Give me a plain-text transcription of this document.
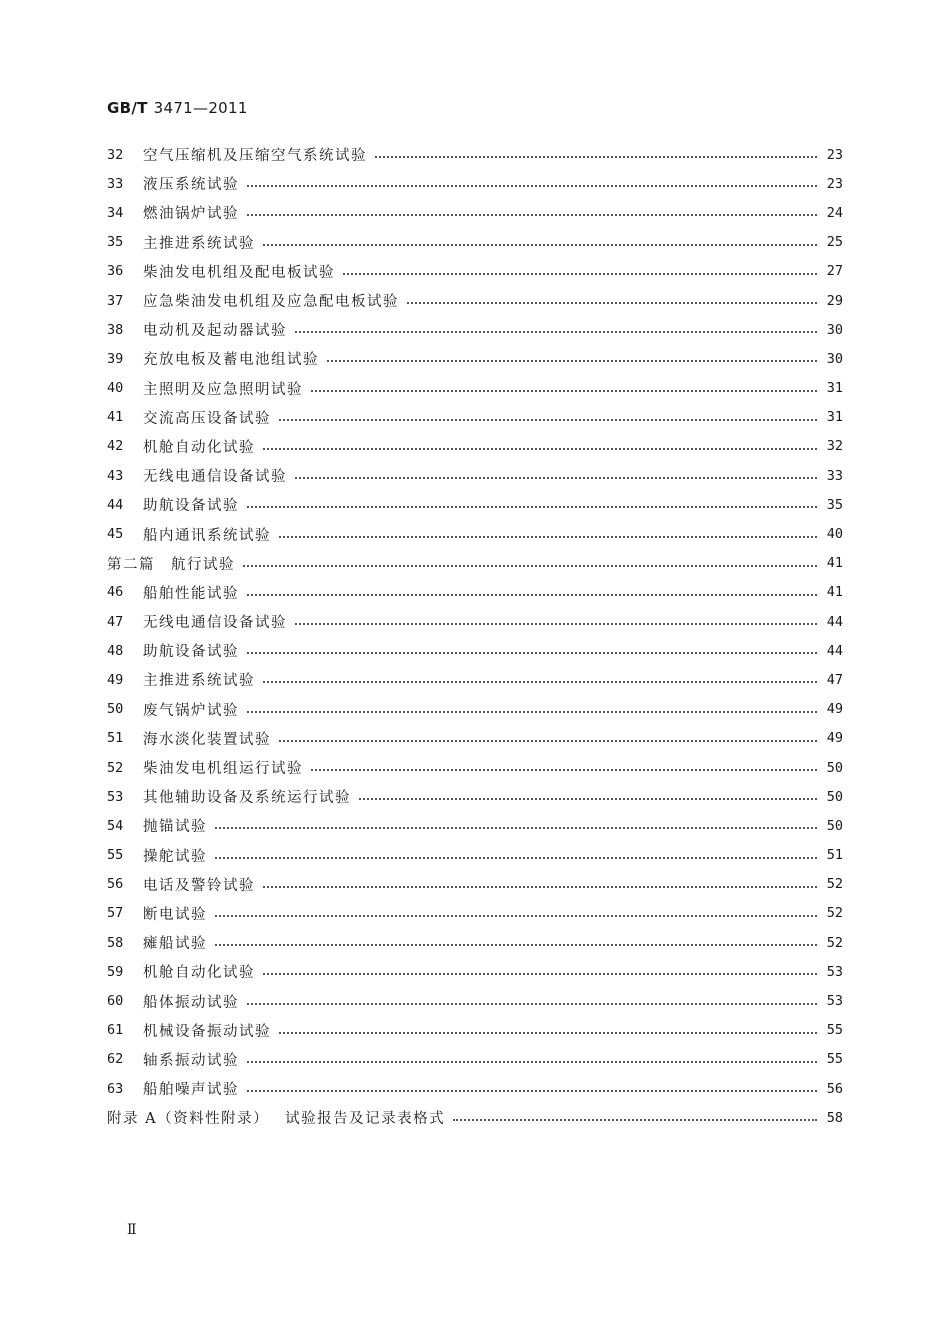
GB/T 3471—2011
32	空气压缩机及压缩空气系统试验	23
33	液压系统试验	23
34	燃油锅炉试验	24
35	主推进系统试验	25
36	柴油发电机组及配电板试验	27
37	应急柴油发电机组及应急配电板试验	29
38	电动机及起动器试验	30
39	充放电板及蓄电池组试验	30
40	主照明及应急照明试验	31
41	交流高压设备试验	31
42	机舱自动化试验	32
43	无线电通信设备试验	33
44	助航设备试验	35
45	船内通讯系统试验	40
第二篇 航行试验	41
46	船舶性能试验	41
47	无线电通信设备试验	44
48	助航设备试验	44
49	主推进系统试验	47
50	废气锅炉试验	49
51	海水淡化装置试验	49
52	柴油发电机组运行试验	50
53	其他辅助设备及系统运行试验	50
54	抛锚试验	50
55	操舵试验	51
56	电话及警铃试验	52
57	断电试验	52
58	瘫船试验	52
59	机舱自动化试验	53
60	船体振动试验	53
61	机械设备振动试验	55
62	轴系振动试验	55
63	船舶噪声试验	56
附录 A（资料性附录） 试验报告及记录表格式	58
Ⅱ
